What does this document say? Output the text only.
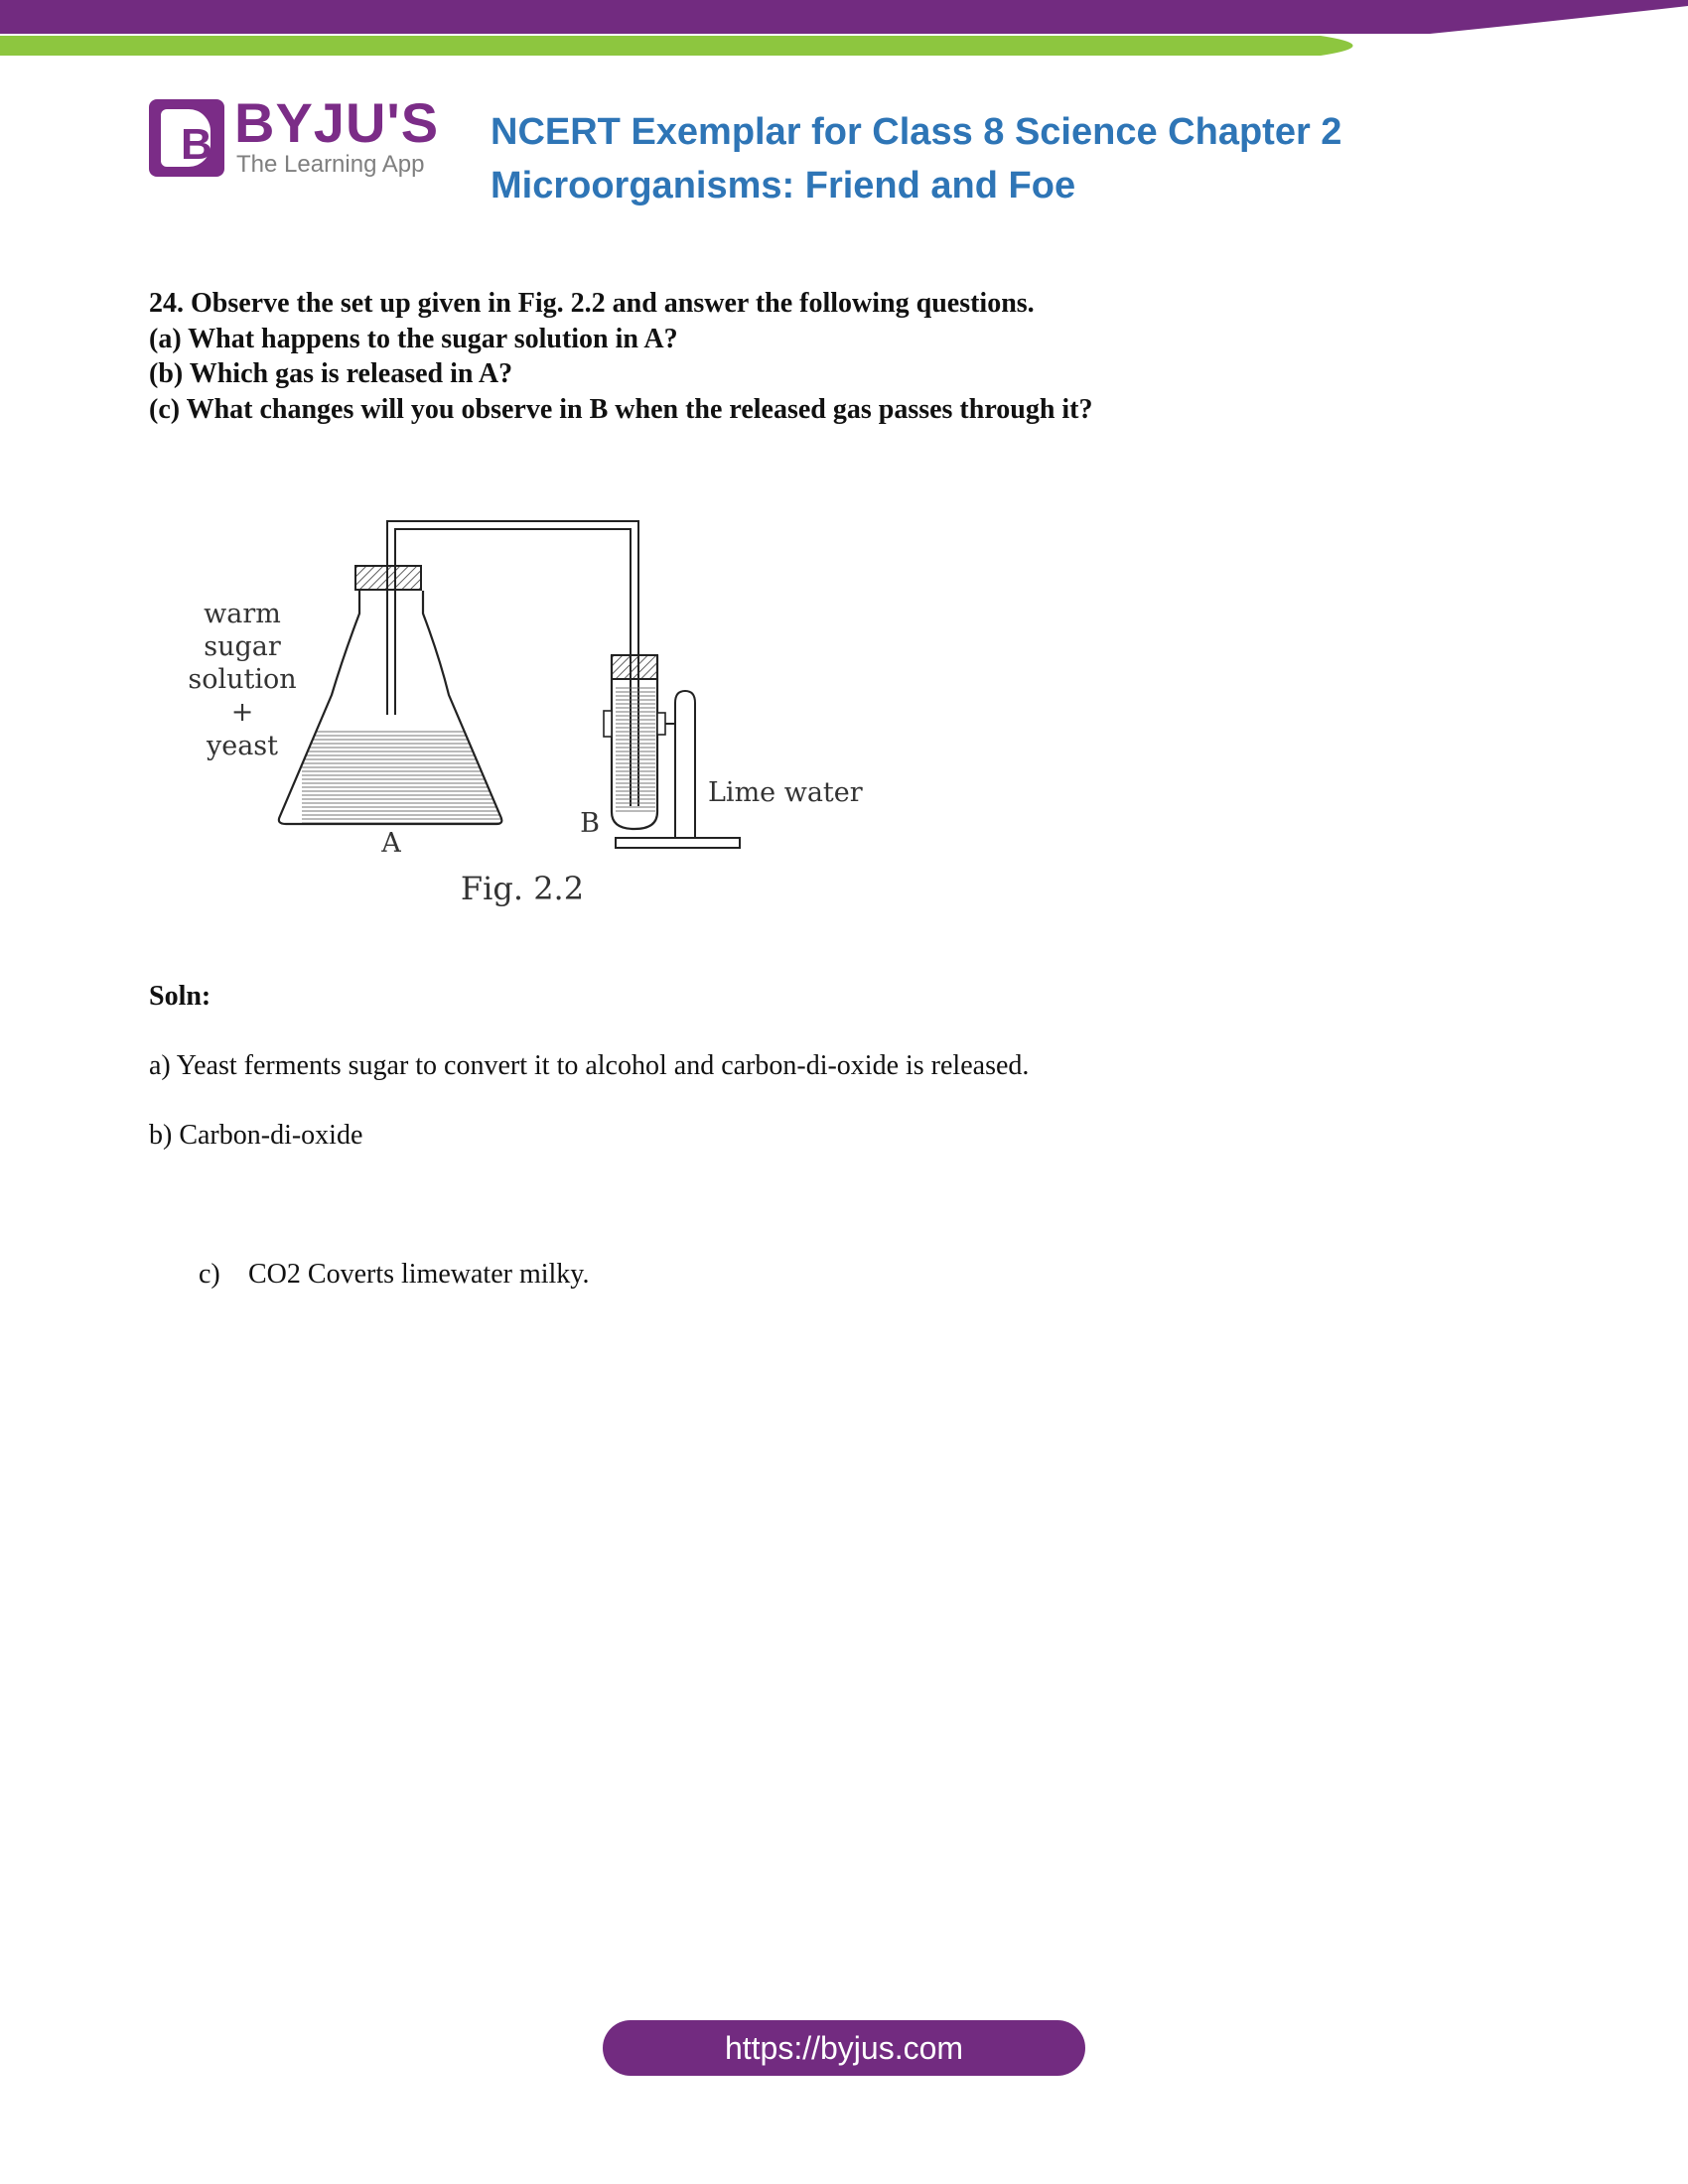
B BYJU'S
The Learning App
NCERT Exemplar for Class 8 Science Chapter 2
Microorganisms: Friend and Foe
24. Observe the set up given in Fig. 2.2 and answer the following questions.
(a) What happens to the sugar solution in A?
(b) Which gas is released in A?
(c) What changes will you observe in B when the released gas passes through it?
warm
sugar
solution
+
yeast
A
B
Lime water
Fig. 2.2
Soln:
a) Yeast ferments sugar to convert it to alcohol and carbon-di-oxide is released.
b) Carbon-di-oxide
c) CO2 Coverts limewater milky.
https://byjus.com
